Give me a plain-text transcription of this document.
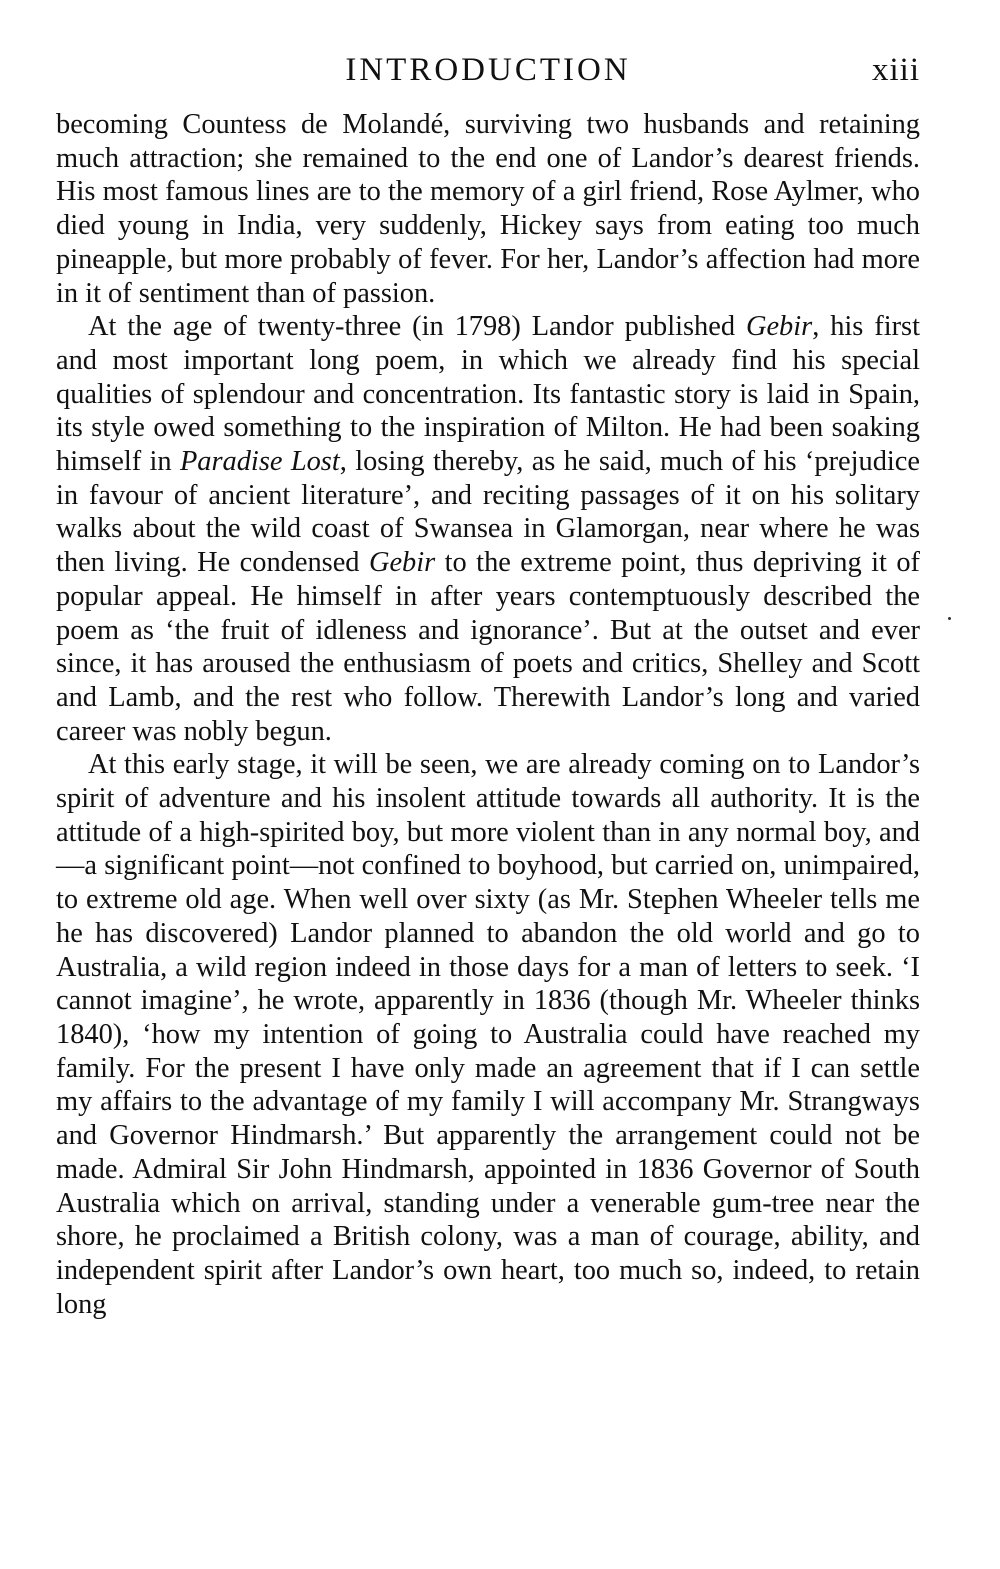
INTRODUCTION	xiii

becoming Countess de Molandé, surviving two husbands and retaining much attraction; she remained to the end one of Landor’s dearest friends. His most famous lines are to the memory of a girl friend, Rose Aylmer, who died young in India, very suddenly, Hickey says from eating too much pineapple, but more probably of fever. For her, Landor’s affection had more in it of sentiment than of passion.

At the age of twenty-three (in 1798) Landor published Gebir, his first and most important long poem, in which we already find his special qualities of splendour and concentration. Its fantastic story is laid in Spain, its style owed something to the inspiration of Milton. He had been soaking himself in Paradise Lost, losing thereby, as he said, much of his ‘prejudice in favour of ancient literature’, and reciting passages of it on his solitary walks about the wild coast of Swansea in Glamorgan, near where he was then living. He condensed Gebir to the extreme point, thus depriving it of popular appeal. He himself in after years contemptuously described the poem as ‘the fruit of idleness and ignorance’. But at the outset and ever since, it has aroused the enthusiasm of poets and critics, Shelley and Scott and Lamb, and the rest who follow. Therewith Landor’s long and varied career was nobly begun.

At this early stage, it will be seen, we are already coming on to Landor’s spirit of adventure and his insolent attitude towards all authority. It is the attitude of a high-spirited boy, but more violent than in any normal boy, and—a significant point—not confined to boyhood, but carried on, unimpaired, to extreme old age. When well over sixty (as Mr. Stephen Wheeler tells me he has discovered) Landor planned to abandon the old world and go to Australia, a wild region indeed in those days for a man of letters to seek. ‘I cannot imagine’, he wrote, apparently in 1836 (though Mr. Wheeler thinks 1840), ‘how my intention of going to Australia could have reached my family. For the present I have only made an agreement that if I can settle my affairs to the advantage of my family I will accompany Mr. Strangways and Governor Hindmarsh.’ But apparently the arrangement could not be made. Admiral Sir John Hindmarsh, appointed in 1836 Governor of South Australia which on arrival, standing under a venerable gum-tree near the shore, he proclaimed a British colony, was a man of courage, ability, and independent spirit after Landor’s own heart, too much so, indeed, to retain long
